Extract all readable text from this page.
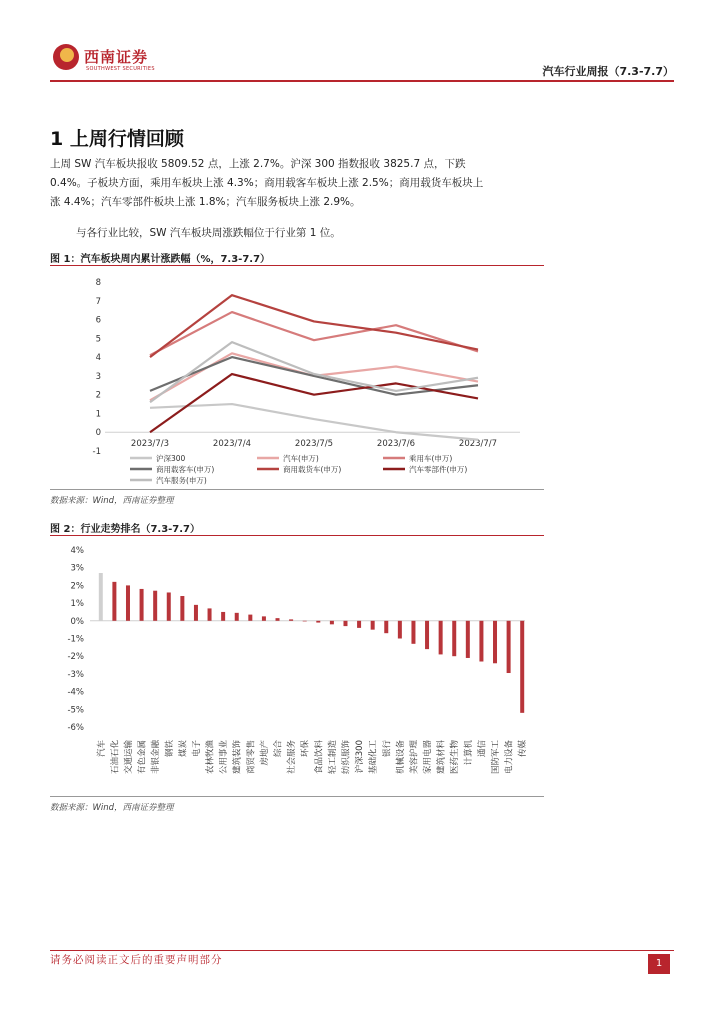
西南证券
SOUTHWEST SECURITIES	汽车行业周报（7.3-7.7）
1 上周行情回顾
上周 SW 汽车板块报收 5809.52 点，上涨 2.7%。沪深 300 指数报收 3825.7 点，下跌
0.4%。子板块方面，乘用车板块上涨 4.3%；商用载客车板块上涨 2.5%；商用载货车板块上
涨 4.4%；汽车零部件板块上涨 1.8%；汽车服务板块上涨 2.9%。
与各行业比较，SW 汽车板块周涨跌幅位于行业第 1 位。
图 1：汽车板块周内累计涨跌幅（%，7.3-7.7）
-1
0
1
2
3
4
5
6
7
8
2023/7/3	2023/7/4	2023/7/5	2023/7/6	2023/7/7
沪深300	汽车(申万)	乘用车(申万)
商用载客车(申万)	商用载货车(申万)	汽车零部件(申万)
汽车服务(申万)
数据来源：Wind，西南证券整理
图 2：行业走势排名（7.3-7.7）
4%
3%
2%
1%
0%
-1%
-2%
-3%
-4%
-5%
-6%
汽车 石油石化 交通运输 有色金属 非银金融 钢铁 煤炭 电子 农林牧渔 公用事业 建筑装饰 商贸零售 房地产 综合 社会服务 环保 食品饮料 轻工制造 纺织服饰 沪深300 基础化工 银行 机械设备 美容护理 家用电器 建筑材料 医药生物 计算机 通信 国防军工 电力设备 传媒
数据来源：Wind，西南证券整理
请务必阅读正文后的重要声明部分	1
